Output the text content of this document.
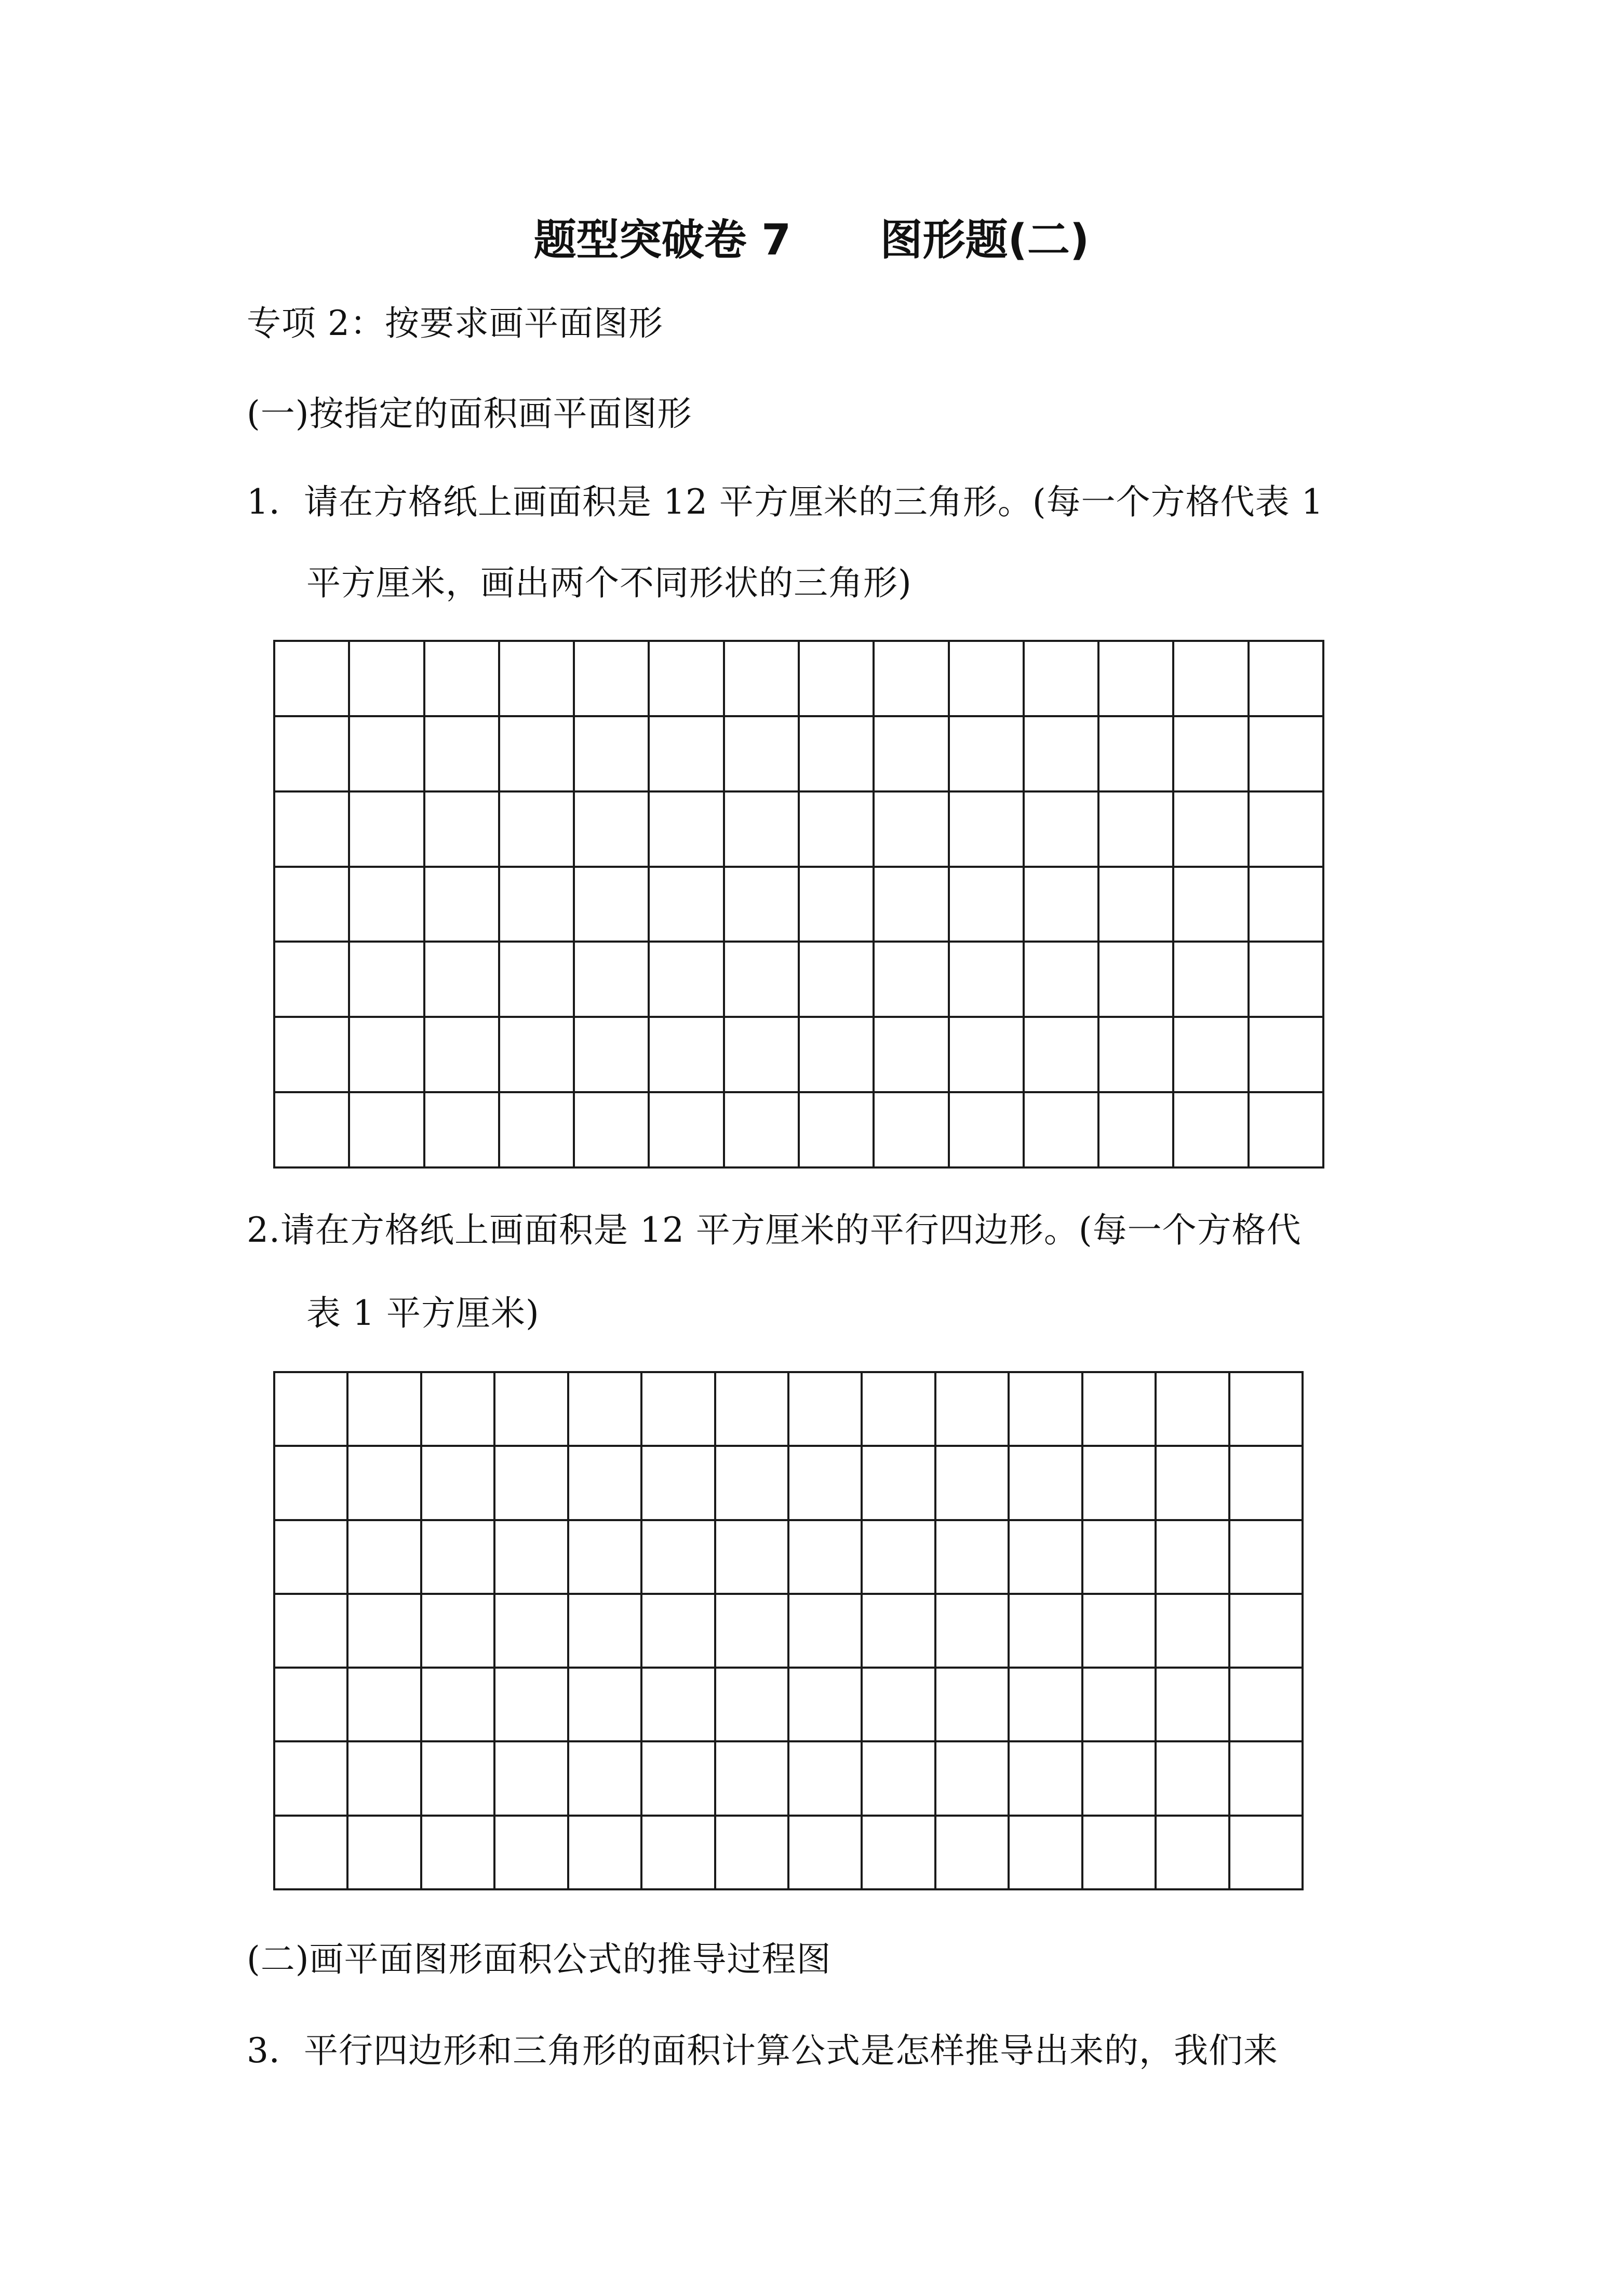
题型突破卷 7      图形题(二)
专项 2：按要求画平面图形
(一)按指定的面积画平面图形
1．请在方格纸上画面积是 12 平方厘米的三角形。(每一个方格代表 1
平方厘米，画出两个不同形状的三角形)
2.请在方格纸上画面积是 12 平方厘米的平行四边形。(每一个方格代
表 1 平方厘米)
(二)画平面图形面积公式的推导过程图
3．平行四边形和三角形的面积计算公式是怎样推导出来的，我们来
